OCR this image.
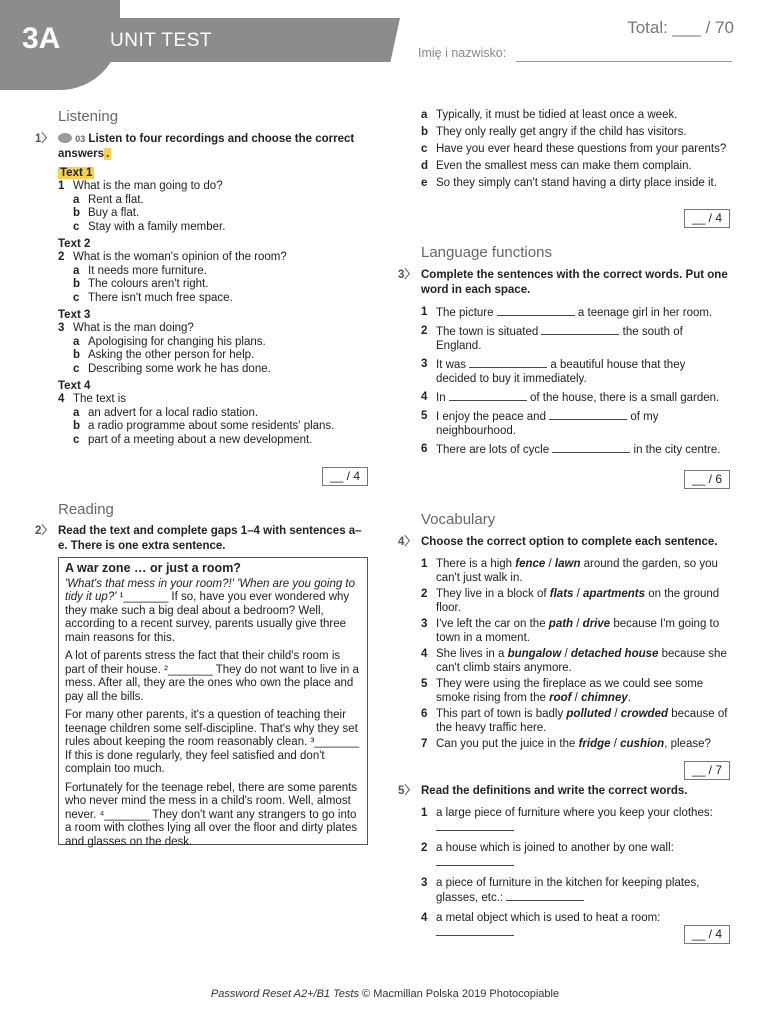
3A	UNIT TEST
Total: ___ / 70
Imię i nazwisko:
Listening
1〉 03 Listen to four recordings and choose the correct answers .
Text 1
1 What is the man going to do?
a Rent a flat.
b Buy a flat.
c Stay with a family member.
Text 2
2 What is the woman's opinion of the room?
a It needs more furniture.
b The colours aren't right.
c There isn't much free space.
Text 3
3 What is the man doing?
a Apologising for changing his plans.
b Asking the other person for help.
c Describing some work he has done.
Text 4
4 The text is
a an advert for a local radio station.
b a radio programme about some residents' plans.
c part of a meeting about a new development.
__ / 4
Reading
2〉 Read the text and complete gaps 1–4 with sentences a–e. There is one extra sentence.
A war zone … or just a room?

'What's that mess in your room?!' 'When are you going to tidy it up?' ¹_______ If so, have you ever wondered why they make such a big deal about a bedroom? Well, according to a recent survey, parents usually give three main reasons for this.

A lot of parents stress the fact that their child's room is part of their house. ²_______ They do not want to live in a mess. After all, they are the ones who own the place and pay all the bills.

For many other parents, it's a question of teaching their teenage children some self-discipline. That's why they set rules about keeping the room reasonably clean. ³_______ If this is done regularly, they feel satisfied and don't complain too much.

Fortunately for the teenage rebel, there are some parents who never mind the mess in a child's room. Well, almost never. ⁴_______ They don't want any strangers to go into a room with clothes lying all over the floor and dirty plates and glasses on the desk.

a Typically, it must be tidied at least once a week.
b They only really get angry if the child has visitors.
c Have you ever heard these questions from your parents?
d Even the smallest mess can make them complain.
e So they simply can't stand having a dirty place inside it.
__ / 4
Language functions
3〉 Complete the sentences with the correct words. Put one word in each space.
1 The picture	a teenage girl in her room.
2 The town is situated	the south of England.
3 It was	a beautiful house that they decided to buy it immediately.
4 In	of the house, there is a small garden.
5 I enjoy the peace and	of my neighbourhood.
6 There are lots of cycle	in the city centre.
__ / 6
Vocabulary
4〉 Choose the correct option to complete each sentence.
1 There is a high fence / lawn around the garden, so you can't just walk in.
2 They live in a block of flats / apartments on the ground floor.
3 I've left the car on the path / drive because I'm going to town in a moment.
4 She lives in a bungalow / detached house because she can't climb stairs anymore.
5 They were using the fireplace as we could see some smoke rising from the roof / chimney.
6 This part of town is badly polluted / crowded because of the heavy traffic here.
7 Can you put the juice in the fridge / cushion, please?
__ / 7
5〉 Read the definitions and write the correct words.
1 a large piece of furniture where you keep your clothes:
2 a house which is joined to another by one wall:
3 a piece of furniture in the kitchen for keeping plates, glasses, etc.:
4 a metal object which is used to heat a room:
__ / 4
Password Reset A2+/B1 Tests © Macmillan Polska 2019 Photocopiable
